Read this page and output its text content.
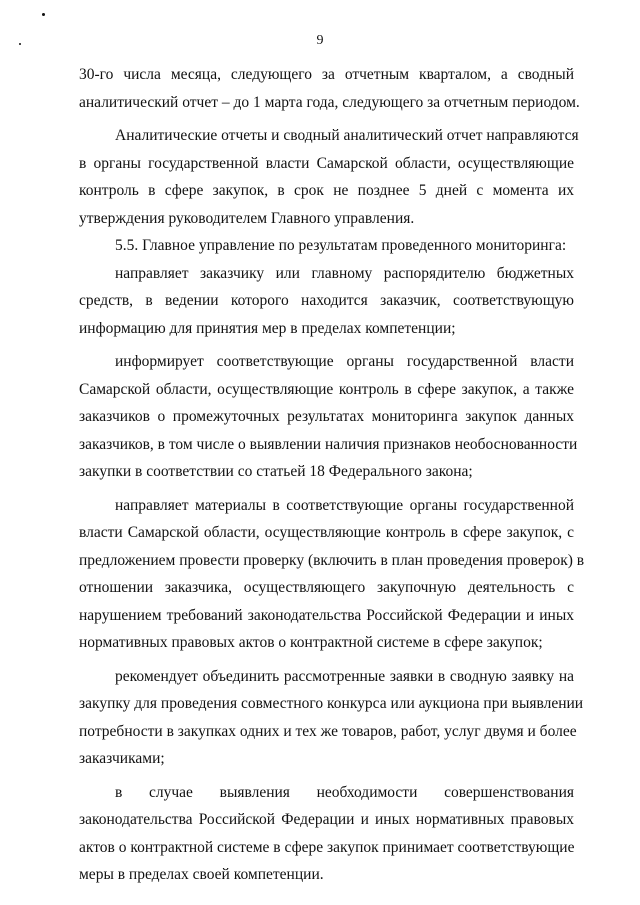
9
30-го числа месяца, следующего за отчетным кварталом, а сводный
аналитический отчет – до 1 марта года, следующего за отчетным периодом.
Аналитические отчеты и сводный аналитический отчет направляются
в органы государственной власти Самарской области, осуществляющие
контроль в сфере закупок, в срок не позднее 5 дней с момента их
утверждения руководителем Главного управления.
5.5. Главное управление по результатам проведенного мониторинга:
направляет заказчику или главному распорядителю бюджетных
средств, в ведении которого находится заказчик, соответствующую
информацию для принятия мер в пределах компетенции;
информирует соответствующие органы государственной власти
Самарской области, осуществляющие контроль в сфере закупок, а также
заказчиков о промежуточных результатах мониторинга закупок данных
заказчиков, в том числе о выявлении наличия признаков необоснованности
закупки в соответствии со статьей 18 Федерального закона;
направляет материалы в соответствующие органы государственной
власти Самарской области, осуществляющие контроль в сфере закупок, с
предложением провести проверку (включить в план проведения проверок) в
отношении заказчика, осуществляющего закупочную деятельность с
нарушением требований законодательства Российской Федерации и иных
нормативных правовых актов о контрактной системе в сфере закупок;
рекомендует объединить рассмотренные заявки в сводную заявку на
закупку для проведения совместного конкурса или аукциона при выявлении
потребности в закупках одних и тех же товаров, работ, услуг двумя и более
заказчиками;
в случае выявления необходимости совершенствования
законодательства Российской Федерации и иных нормативных правовых
актов о контрактной системе в сфере закупок принимает соответствующие
меры в пределах своей компетенции.
